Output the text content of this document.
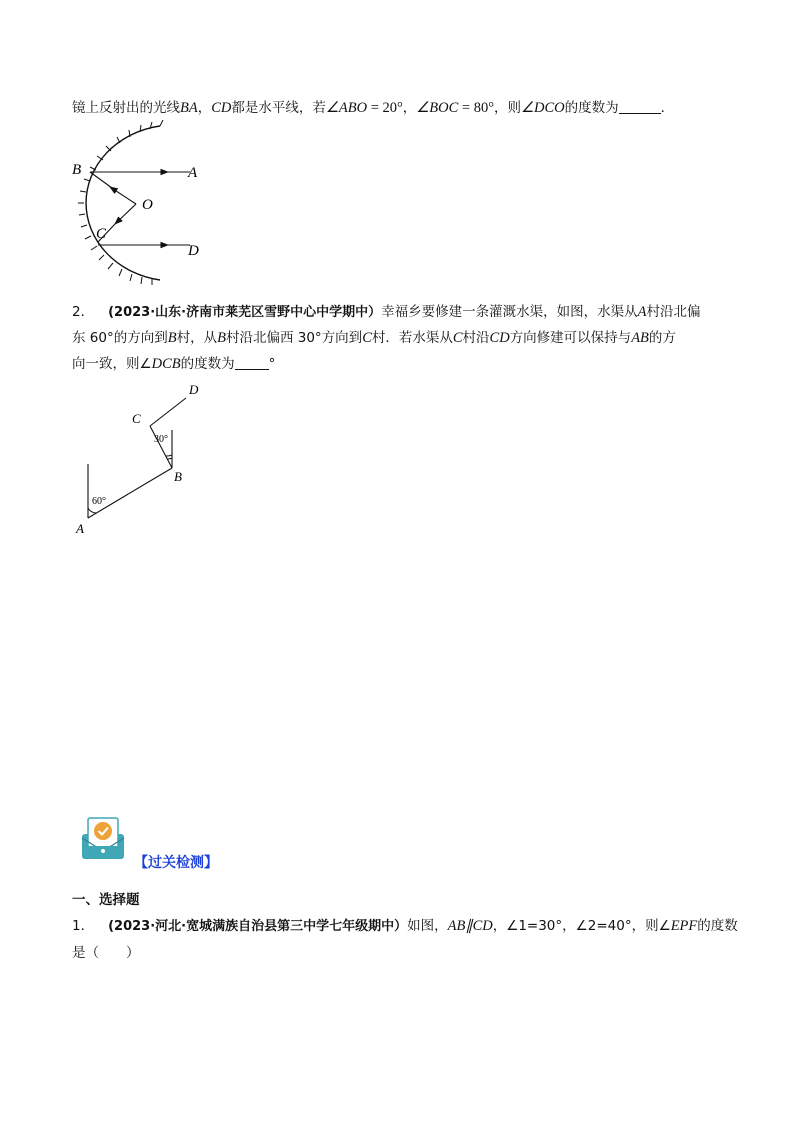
镜上反射出的光线BA，CD都是水平线，若∠ABO = 20°，∠BOC = 80°，则∠DCO的度数为	．
B	A
O
C
D
2． (2023·山东·济南市莱芜区雪野中心中学期中）幸福乡要修建一条灌溉水渠，如图，水渠从A村沿北偏
东 60°的方向到B村，从B村沿北偏西 30°方向到C村．若水渠从C村沿CD方向修建可以保持与AB的方
向一致，则∠DCB的度数为	°
D
C
30°
B
60°
A
【过关检测】
一、选择题
1． (2023·河北·宽城满族自治县第三中学七年级期中）如图，AB∥CD，∠1=30°，∠2=40°，则∠EPF的度数
是（　　）
